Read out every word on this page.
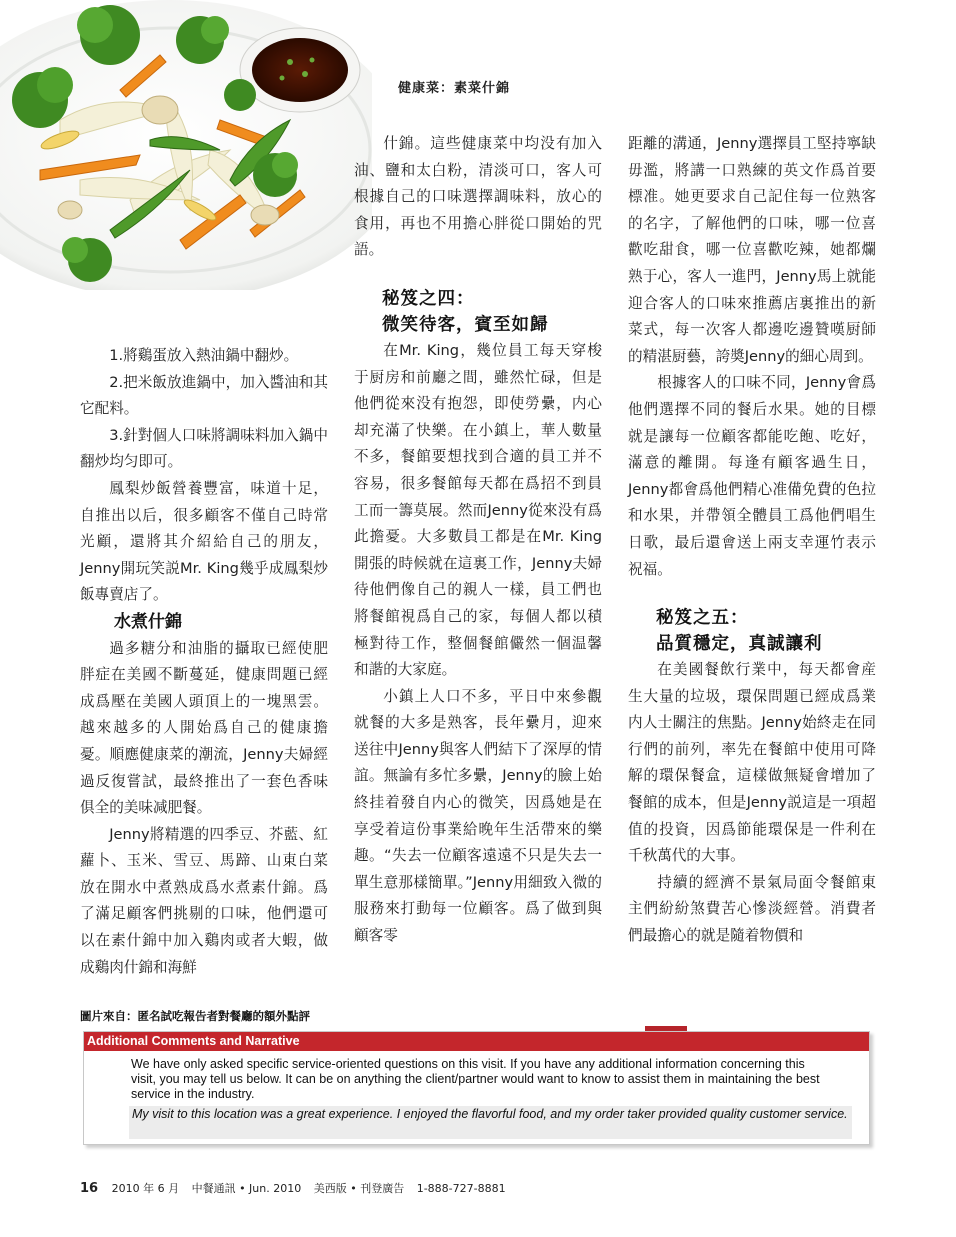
健康菜：素菜什錦

1.將鷄蛋放入熱油鍋中翻炒。

2.把米飯放進鍋中，加入醬油和其它配料。

3.針對個人口味將調味料加入鍋中翻炒均匀即可。

鳳梨炒飯營養豐富，味道十足，自推出以后，很多顧客不僅自己時常光顧，還將其介紹給自己的朋友，Jenny開玩笑説Mr. King幾乎成鳳梨炒飯專賣店了。

水煮什錦

過多糖分和油脂的攝取已經使肥胖症在美國不斷蔓延，健康問題已經成爲壓在美國人頭頂上的一塊黑雲。越來越多的人開始爲自己的健康擔憂。順應健康菜的潮流，Jenny夫婦經過反復嘗試，最終推出了一套色香味俱全的美味减肥餐。

Jenny將精選的四季豆、芥藍、紅蘿卜、玉米、雪豆、馬蹄、山東白菜放在開水中煮熟成爲水煮素什錦。爲了滿足顧客們挑剔的口味，他們還可以在素什錦中加入鷄肉或者大蝦，做成鷄肉什錦和海鮮

什錦。這些健康菜中均没有加入油、鹽和太白粉，清淡可口，客人可根據自己的口味選擇調味料，放心的食用，再也不用擔心胖從口開始的咒語。

秘笈之四：
微笑待客，賓至如歸

在Mr. King，幾位員工每天穿梭于厨房和前廳之間，雖然忙碌，但是他們從來没有抱怨，即使勞纍，内心却充滿了快樂。在小鎮上，華人數量不多，餐館要想找到合適的員工并不容易，很多餐館每天都在爲招不到員工而一籌莫展。然而Jenny從來没有爲此擔憂。大多數員工都是在Mr. King開張的時候就在這裏工作，Jenny夫婦待他們像自己的親人一樣，員工們也將餐館視爲自己的家，每個人都以積極對待工作，整個餐館儼然一個温馨和諧的大家庭。

小鎮上人口不多，平日中來參觀就餐的大多是熟客，長年纍月，迎來送往中Jenny與客人們結下了深厚的情誼。無論有多忙多纍，Jenny的臉上始終挂着發自内心的微笑，因爲她是在享受着這份事業給晚年生活帶來的樂趣。“失去一位顧客遠遠不只是失去一單生意那樣簡單。”Jenny用細致入微的服務來打動每一位顧客。爲了做到與顧客零

距離的溝通，Jenny選擇員工堅持寧缺毋濫，將講一口熟練的英文作爲首要標准。她更要求自己記住每一位熟客的名字，了解他們的口味，哪一位喜歡吃甜食，哪一位喜歡吃辣，她都爛熟于心，客人一進門，Jenny馬上就能迎合客人的口味來推薦店裏推出的新菜式，每一次客人都邊吃邊贊嘆厨師的精湛厨藝，誇奬Jenny的細心周到。

根據客人的口味不同，Jenny會爲他們選擇不同的餐后水果。她的目標就是讓每一位顧客都能吃飽、吃好，滿意的離開。每逢有顧客過生日，Jenny都會爲他們精心准備免費的色拉和水果，并帶領全體員工爲他們唱生日歌，最后還會送上兩支幸運竹表示祝福。

秘笈之五：
品質穩定，真誠讓利

在美國餐飲行業中，每天都會産生大量的垃圾，環保問題已經成爲業内人士關注的焦點。Jenny始終走在同行們的前列，率先在餐館中使用可降解的環保餐盒，這樣做無疑會增加了餐館的成本，但是Jenny説這是一項超值的投資，因爲節能環保是一件利在千秋萬代的大事。

持續的經濟不景氣局面令餐館東主們紛紛煞費苦心慘淡經營。消費者們最擔心的就是隨着物價和

圖片來自：匿名試吃報告者對餐廳的額外點評
Additional Comments and Narrative
We have only asked specific service-oriented questions on this visit. If you have any additional information concerning this visit, you may tell us below. It can be on anything the client/partner would want to know to assist them in maintaining the best service in the industry.
My visit to this location was a great experience. I enjoyed the flavorful food, and my order taker provided quality customer service.
16 2010 年 6 月 中餐通訊 • Jun. 2010 美西版 • 刊登廣告 1-888-727-8881
